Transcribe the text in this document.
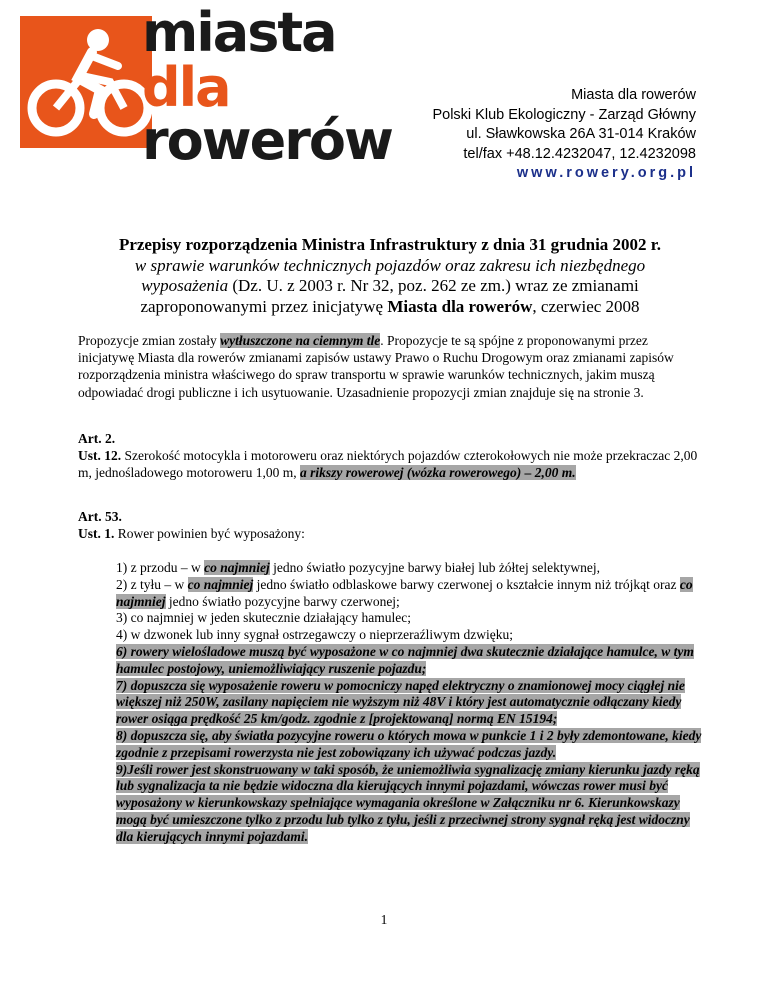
miasta
dla
rowerów
Miasta dla rowerów
Polski Klub Ekologiczny - Zarząd Główny
ul. Sławkowska 26A 31-014 Kraków
tel/fax +48.12.4232047, 12.4232098
www.rowery.org.pl
Przepisy rozporządzenia Ministra Infrastruktury z dnia 31 grudnia 2002 r.
w sprawie warunków technicznych pojazdów oraz zakresu ich niezbędnego
wyposażenia (Dz. U. z 2003 r. Nr 32, poz. 262 ze zm.) wraz ze zmianami
zaproponowanymi przez inicjatywę Miasta dla rowerów, czerwiec 2008
Propozycje zmian zostały wytłuszczone na ciemnym tle. Propozycje te są spójne z proponowanymi przez inicjatywę Miasta dla rowerów zmianami zapisów ustawy Prawo o Ruchu Drogowym oraz zmianami zapisów rozporządzenia ministra właściwego do spraw transportu w sprawie warunków technicznych, jakim muszą odpowiadać drogi publiczne i ich usytuowanie. Uzasadnienie propozycji zmian znajduje się na stronie 3.
Art. 2.
Ust. 12. Szerokość motocykla i motoroweru oraz niektórych pojazdów czterokołowych nie może przekraczac 2,00 m, jednośladowego motoroweru 1,00 m, a rikszy rowerowej (wózka rowerowego) – 2,00 m.
Art. 53.
Ust. 1. Rower powinien być wyposażony:
1) z przodu – w co najmniej jedno światło pozycyjne barwy białej lub żółtej selektywnej,
2) z tyłu – w co najmniej jedno światło odblaskowe barwy czerwonej o kształcie innym niż trójkąt oraz co najmniej jedno światło pozycyjne barwy czerwonej;
3) co najmniej w jeden skutecznie działający hamulec;
4) w dzwonek lub inny sygnał ostrzegawczy o nieprzeraźliwym dzwięku;
6) rowery wielośladowe muszą być wyposażone w co najmniej dwa skutecznie działające hamulce, w tym hamulec postojowy, uniemożliwiający ruszenie pojazdu;
7) dopuszcza się wyposażenie roweru w pomocniczy napęd elektryczny o znamionowej mocy ciągłej nie większej niż 250W, zasilany napięciem nie wyższym niż 48V i który jest automatycznie odłączany kiedy rower osiąga prędkość 25 km/godz. zgodnie z [projektowaną] normą EN 15194;
8) dopuszcza się, aby światła pozycyjne roweru o których mowa w punkcie 1 i 2 były zdemontowane, kiedy zgodnie z przepisami rowerzysta nie jest zobowiązany ich używać podczas jazdy.
9)Jeśli rower jest skonstruowany w taki sposób, że uniemożliwia sygnalizację zmiany kierunku jazdy ręką lub sygnalizacja ta nie będzie widoczna dla kierujących innymi pojazdami, wówczas rower musi być wyposażony w kierunkowskazy spełniające wymagania określone w Załączniku nr 6. Kierunkowskazy mogą być umieszczone tylko z przodu lub tylko z tyłu, jeśli z przeciwnej strony sygnał ręką jest widoczny dla kierujących innymi pojazdami.
1
